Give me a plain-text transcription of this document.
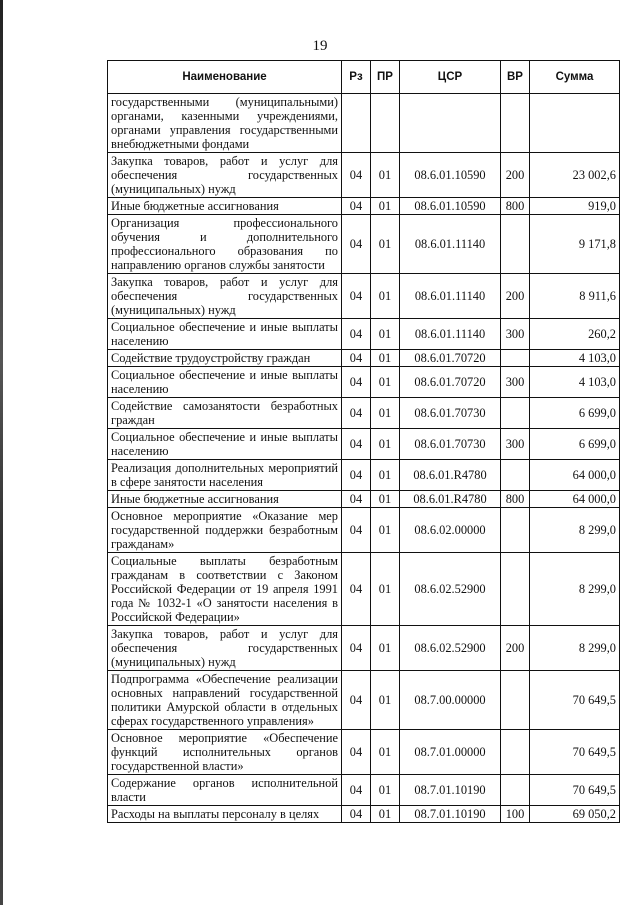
19
Наименование	Рз	ПР	ЦСР	ВР	Сумма
государственными (муниципальными) органами, казенными учреждениями, органами управления государственными внебюджетными фондами					
Закупка товаров, работ и услуг для обеспечения государственных (муниципальных) нужд	04	01	08.6.01.10590	200	23 002,6
Иные бюджетные ассигнования	04	01	08.6.01.10590	800	919,0
Организация профессионального обучения и дополнительного профессионального образования по направлению органов службы занятости	04	01	08.6.01.11140		9 171,8
Закупка товаров, работ и услуг для обеспечения государственных (муниципальных) нужд	04	01	08.6.01.11140	200	8 911,6
Социальное обеспечение и иные выплаты населению	04	01	08.6.01.11140	300	260,2
Содействие трудоустройству граждан	04	01	08.6.01.70720		4 103,0
Социальное обеспечение и иные выплаты населению	04	01	08.6.01.70720	300	4 103,0
Содействие самозанятости безработных граждан	04	01	08.6.01.70730		6 699,0
Социальное обеспечение и иные выплаты населению	04	01	08.6.01.70730	300	6 699,0
Реализация дополнительных мероприятий в сфере занятости населения	04	01	08.6.01.R4780		64 000,0
Иные бюджетные ассигнования	04	01	08.6.01.R4780	800	64 000,0
Основное мероприятие «Оказание мер государственной поддержки безработным гражданам»	04	01	08.6.02.00000		8 299,0
Социальные выплаты безработным гражданам в соответствии с Законом Российской Федерации от 19 апреля 1991 года № 1032-1 «О занятости населения в Российской Федерации»	04	01	08.6.02.52900		8 299,0
Закупка товаров, работ и услуг для обеспечения государственных (муниципальных) нужд	04	01	08.6.02.52900	200	8 299,0
Подпрограмма «Обеспечение реализации основных направлений государственной политики Амурской области в отдельных сферах государственного управления»	04	01	08.7.00.00000		70 649,5
Основное мероприятие «Обеспечение функций исполнительных органов государственной власти»	04	01	08.7.01.00000		70 649,5
Содержание органов исполнительной власти	04	01	08.7.01.10190		70 649,5
Расходы на выплаты персоналу в целях	04	01	08.7.01.10190	100	69 050,2
